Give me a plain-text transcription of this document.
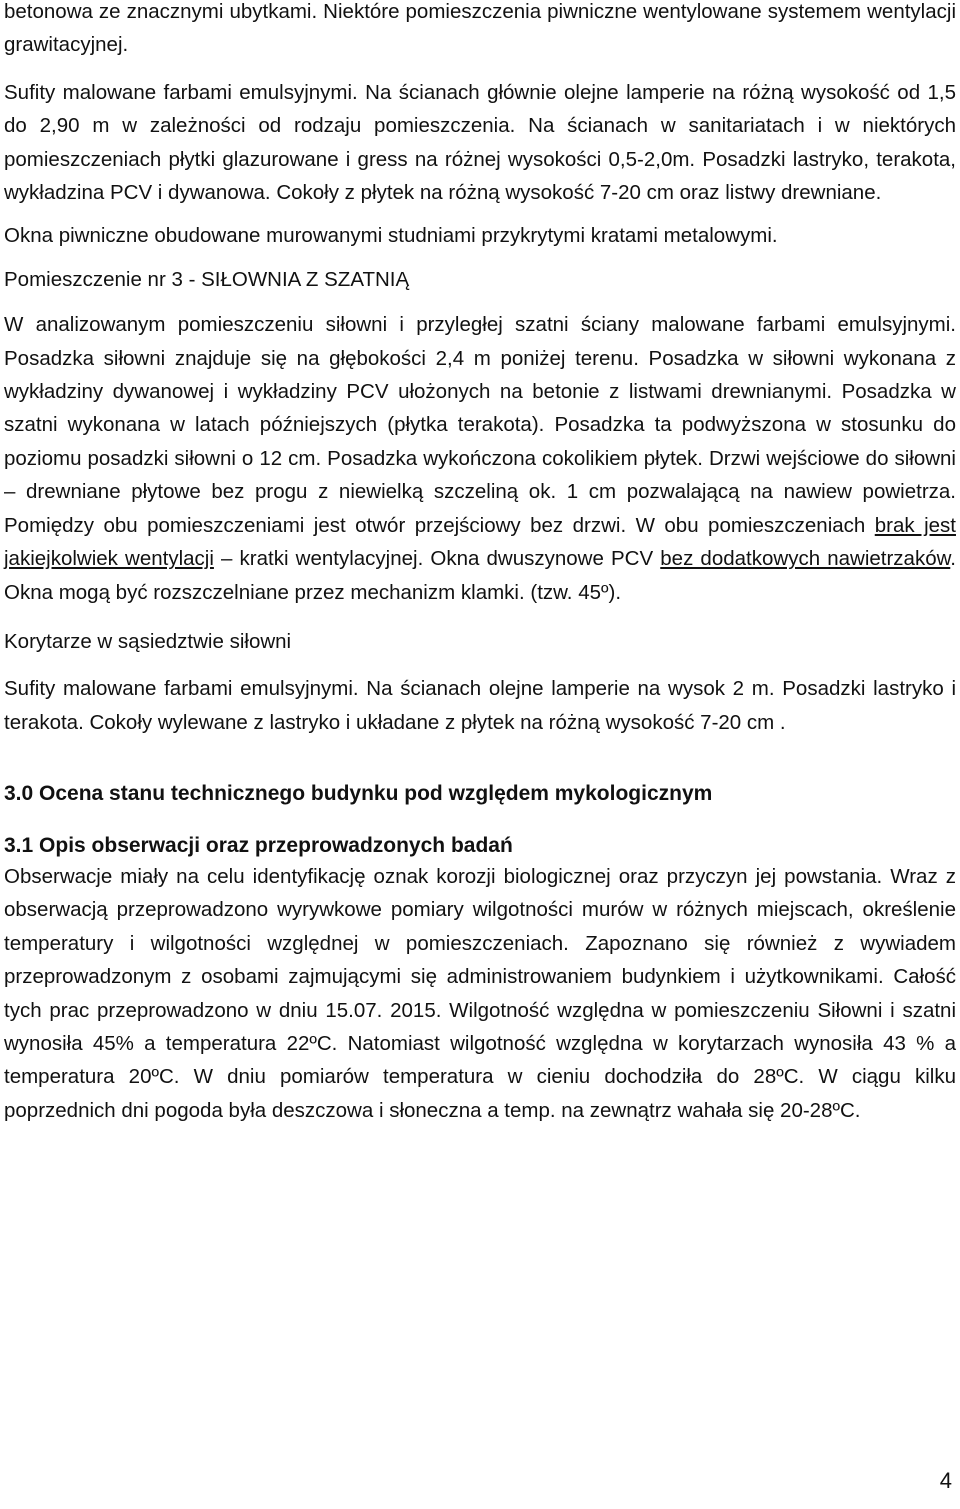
betonowa ze znacznymi ubytkami. Niektóre pomieszczenia piwniczne wentylowane systemem wentylacji grawitacyjnej.

Sufity malowane farbami emulsyjnymi. Na ścianach głównie olejne lamperie na różną wysokość od 1,5 do 2,90 m w zależności od rodzaju pomieszczenia. Na ścianach w sanitariatach i w niektórych pomieszczeniach płytki glazurowane i gress na różnej wysokości 0,5-2,0m. Posadzki lastryko, terakota, wykładzina PCV i dywanowa. Cokoły z płytek na różną wysokość 7-20 cm oraz listwy drewniane.

Okna piwniczne obudowane murowanymi studniami przykrytymi kratami metalowymi.

Pomieszczenie nr 3 - SIŁOWNIA Z SZATNIĄ

W analizowanym pomieszczeniu siłowni i przyległej szatni ściany malowane farbami emulsyjnymi. Posadzka siłowni znajduje się na głębokości 2,4 m poniżej terenu. Posadzka w siłowni wykonana z wykładziny dywanowej i wykładziny PCV ułożonych na betonie z listwami drewnianymi. Posadzka w szatni wykonana w latach późniejszych (płytka terakota). Posadzka ta podwyższona w stosunku do poziomu posadzki siłowni o 12 cm. Posadzka wykończona cokolikiem płytek. Drzwi wejściowe do siłowni – drewniane płytowe bez progu z niewielką szczeliną ok. 1 cm pozwalającą na nawiew powietrza. Pomiędzy obu pomieszczeniami jest otwór przejściowy bez drzwi. W obu pomieszczeniach brak jest jakiejkolwiek wentylacji – kratki wentylacyjnej. Okna dwuszynowe PCV bez dodatkowych nawietrzaków. Okna mogą być rozszczelniane przez mechanizm klamki. (tzw. 45º).

Korytarze w sąsiedztwie siłowni

Sufity malowane farbami emulsyjnymi. Na ścianach olejne lamperie na wysok 2 m. Posadzki lastryko i terakota. Cokoły wylewane z lastryko i układane z płytek na różną wysokość 7-20 cm .

3.0 Ocena stanu technicznego budynku pod względem mykologicznym

3.1 Opis obserwacji oraz przeprowadzonych badań

Obserwacje miały na celu identyfikację oznak korozji biologicznej oraz przyczyn jej powstania. Wraz z obserwacją przeprowadzono wyrywkowe pomiary wilgotności murów w różnych miejscach, określenie temperatury i wilgotności względnej w pomieszczeniach. Zapoznano się również z wywiadem przeprowadzonym z osobami zajmującymi się administrowaniem budynkiem i użytkownikami. Całość tych prac przeprowadzono w dniu 15.07. 2015. Wilgotność względna w pomieszczeniu Siłowni i szatni wynosiła 45% a temperatura 22ºC. Natomiast wilgotność względna w korytarzach wynosiła 43 % a temperatura 20ºC. W dniu pomiarów temperatura w cieniu dochodziła do 28ºC. W ciągu kilku poprzednich dni pogoda była deszczowa i słoneczna a temp. na zewnątrz wahała się 20-28ºC.

4
